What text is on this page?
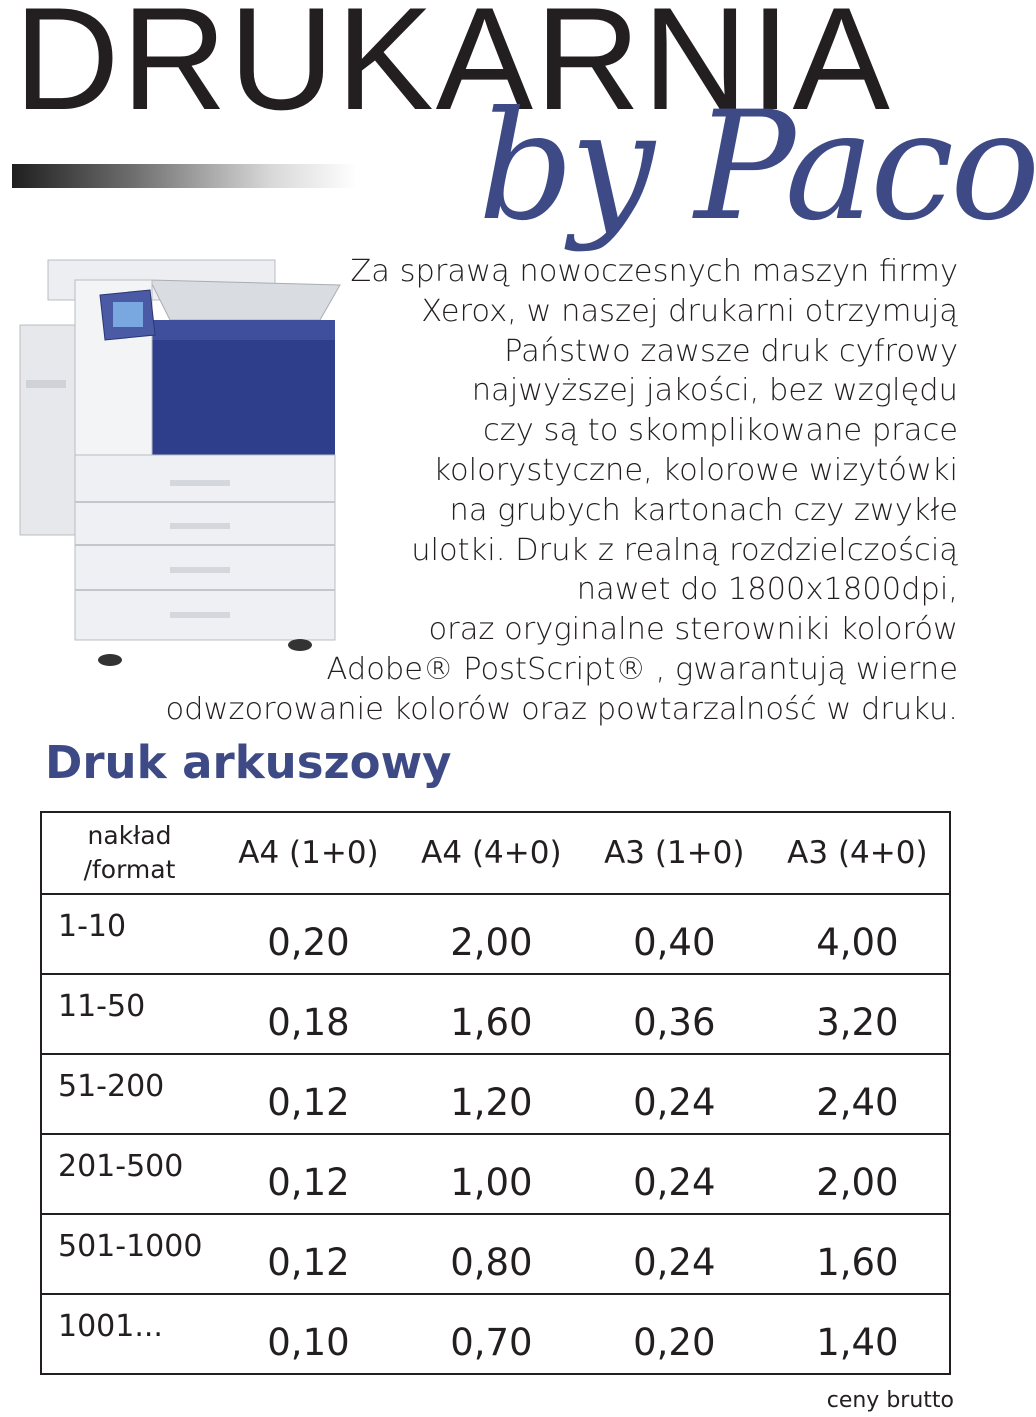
DRUKARNIA
by Paco
Za sprawą nowoczesnych maszyn firmy
Xerox, w naszej drukarni otrzymują
Państwo zawsze druk cyfrowy
najwyższej jakości, bez względu
czy są to skomplikowane prace
kolorystyczne, kolorowe wizytówki
na grubych kartonach czy zwykłe
ulotki. Druk z realną rozdzielczością
nawet do 1800x1800dpi,
oraz oryginalne sterowniki kolorów
Adobe® PostScript® , gwarantują wierne
odwzorowanie kolorów oraz powtarzalność w druku.
Druk arkuszowy
nakład
/format	A4 (1+0)	A4 (4+0)	A3 (1+0)	A3 (4+0)
1-10	0,20	2,00	0,40	4,00
11-50	0,18	1,60	0,36	3,20
51-200	0,12	1,20	0,24	2,40
201-500	0,12	1,00	0,24	2,00
501-1000	0,12	0,80	0,24	1,60
1001...	0,10	0,70	0,20	1,40
ceny brutto
